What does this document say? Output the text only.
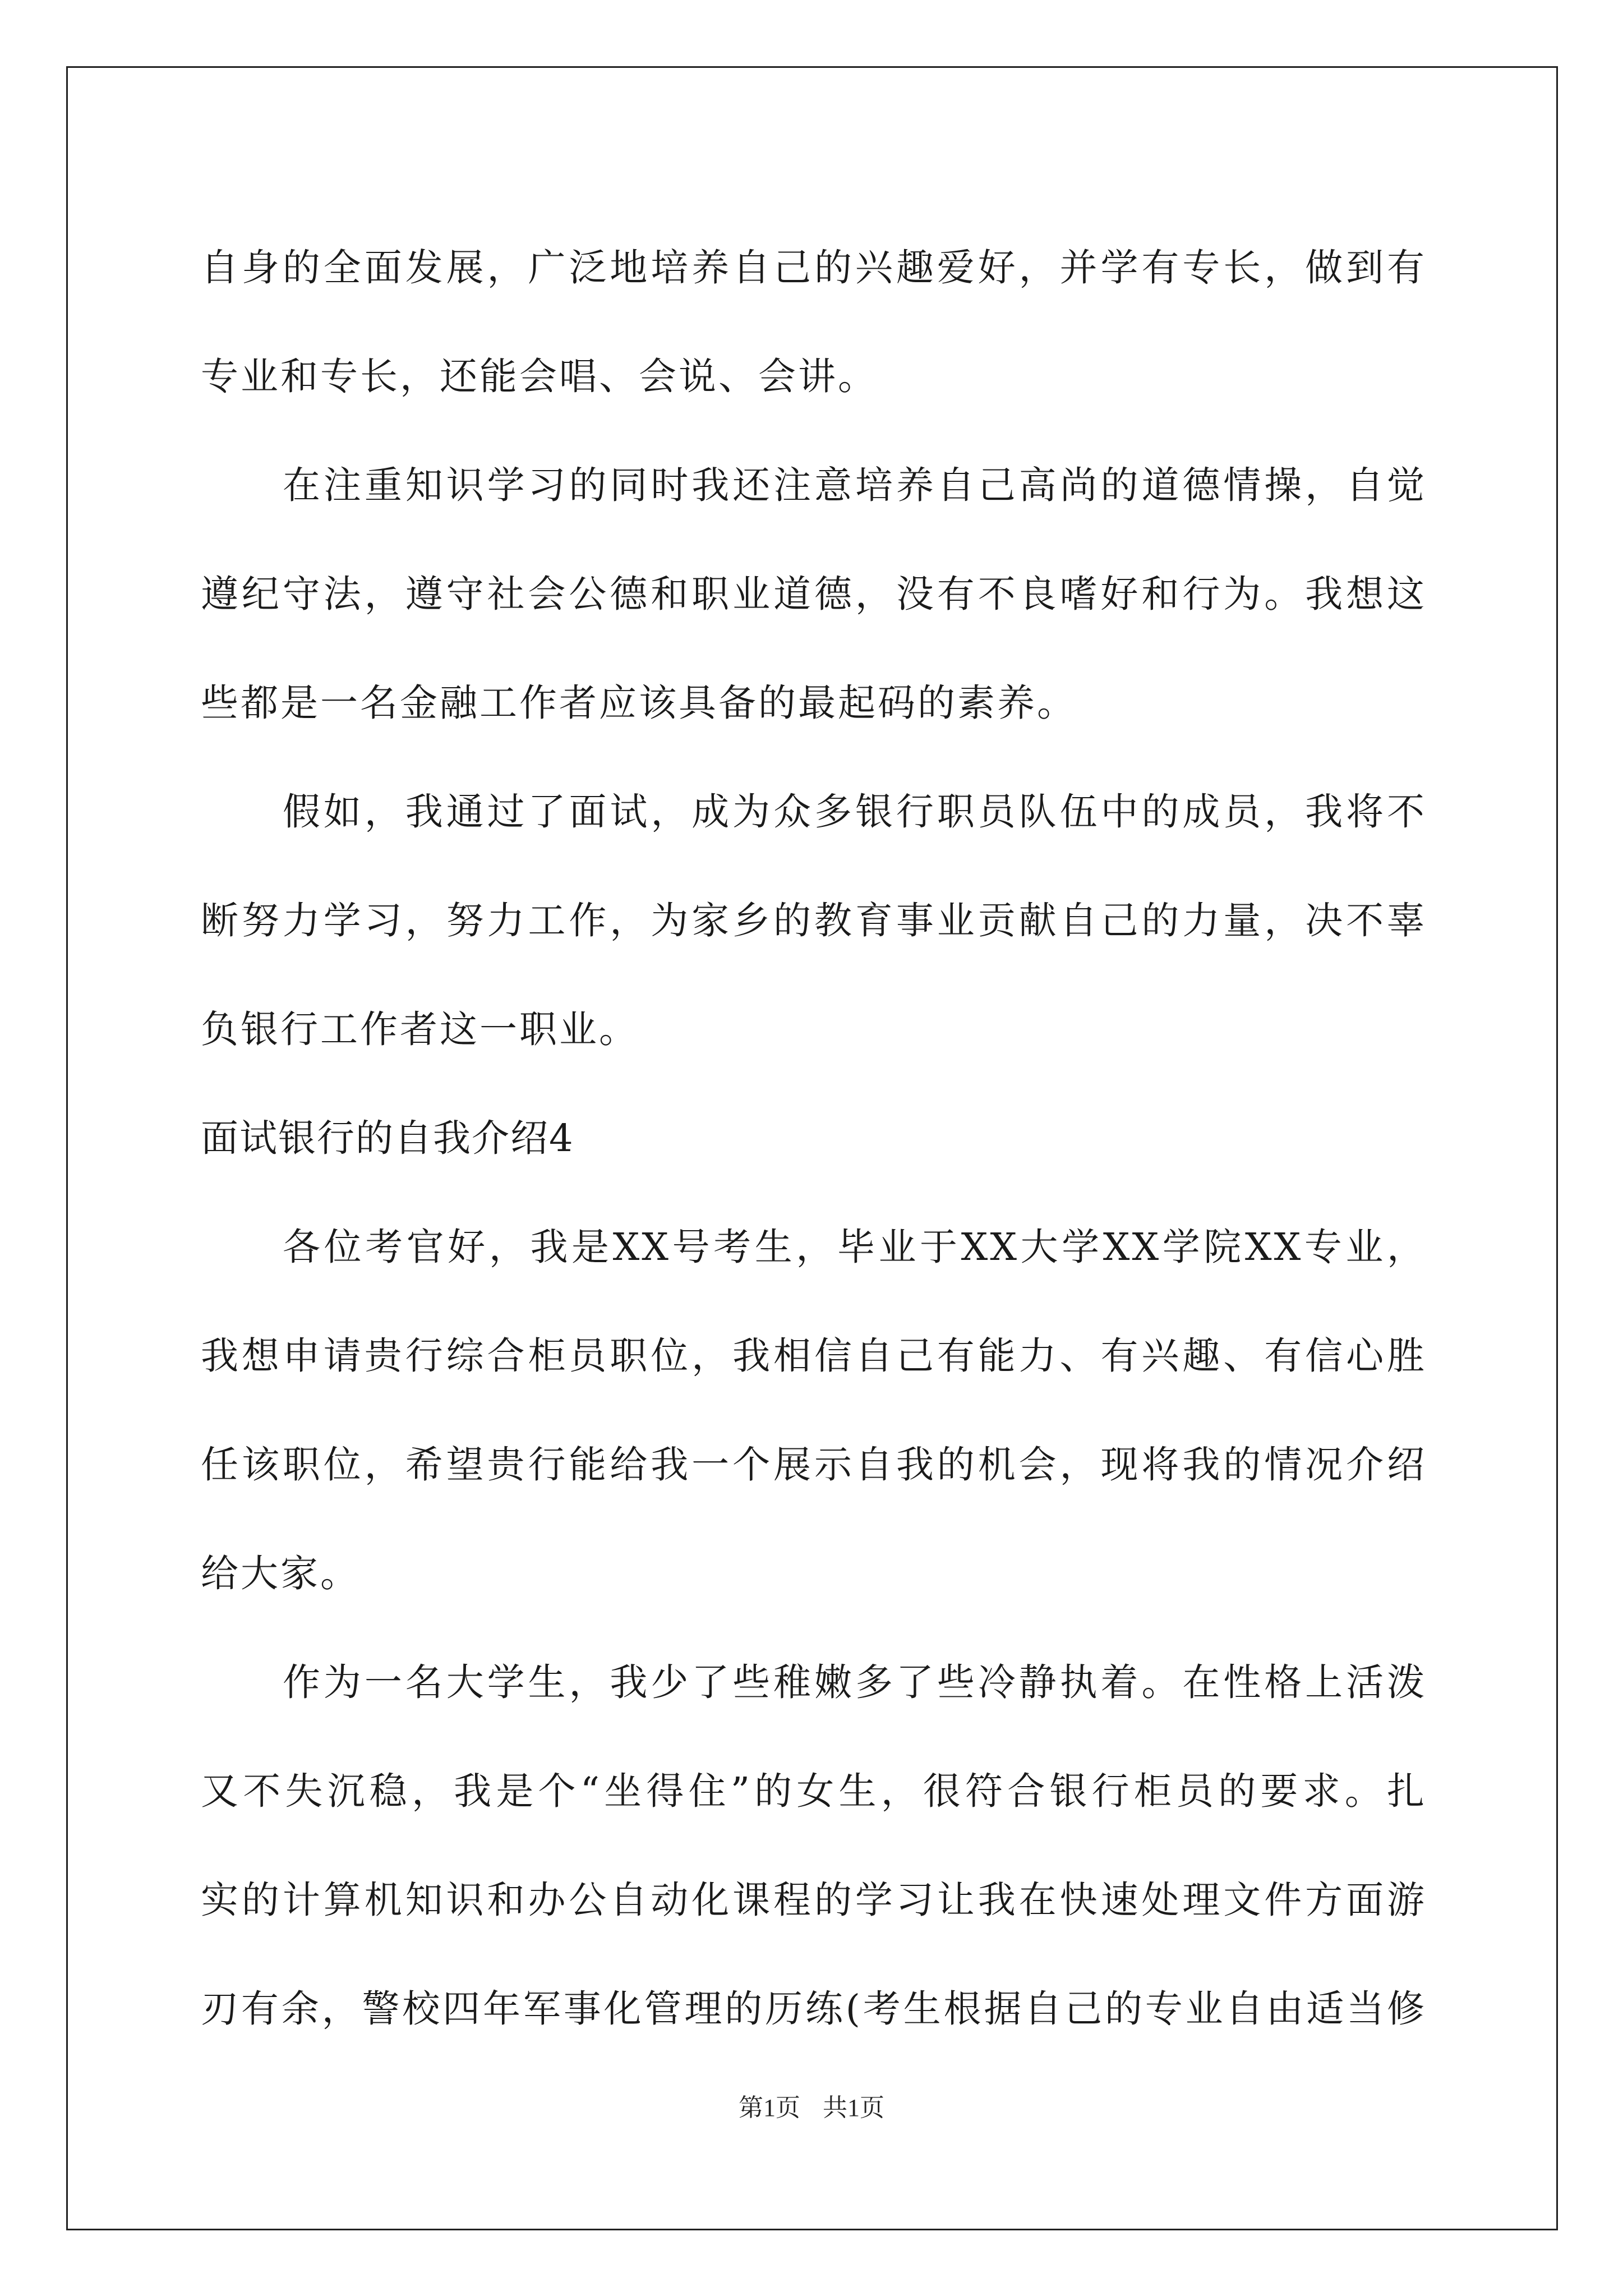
自身的全面发展，广泛地培养自己的兴趣爱好，并学有专长，做到有
专业和专长，还能会唱、会说、会讲。
在注重知识学习的同时我还注意培养自己高尚的道德情操，自觉
遵纪守法，遵守社会公德和职业道德，没有不良嗜好和行为。我想这
些都是一名金融工作者应该具备的最起码的素养。
假如，我通过了面试，成为众多银行职员队伍中的成员，我将不
断努力学习，努力工作，为家乡的教育事业贡献自己的力量，决不辜
负银行工作者这一职业。
面试银行的自我介绍4
各位考官好，我是XX号考生，毕业于XX大学XX学院XX专业，
我想申请贵行综合柜员职位，我相信自己有能力、有兴趣、有信心胜
任该职位，希望贵行能给我一个展示自我的机会，现将我的情况介绍
给大家。
作为一名大学生，我少了些稚嫩多了些冷静执着。在性格上活泼
又不失沉稳，我是个“坐得住”的女生，很符合银行柜员的要求。扎
实的计算机知识和办公自动化课程的学习让我在快速处理文件方面游
刃有余，警校四年军事化管理的历练(考生根据自己的专业自由适当修
第1页 共1页
